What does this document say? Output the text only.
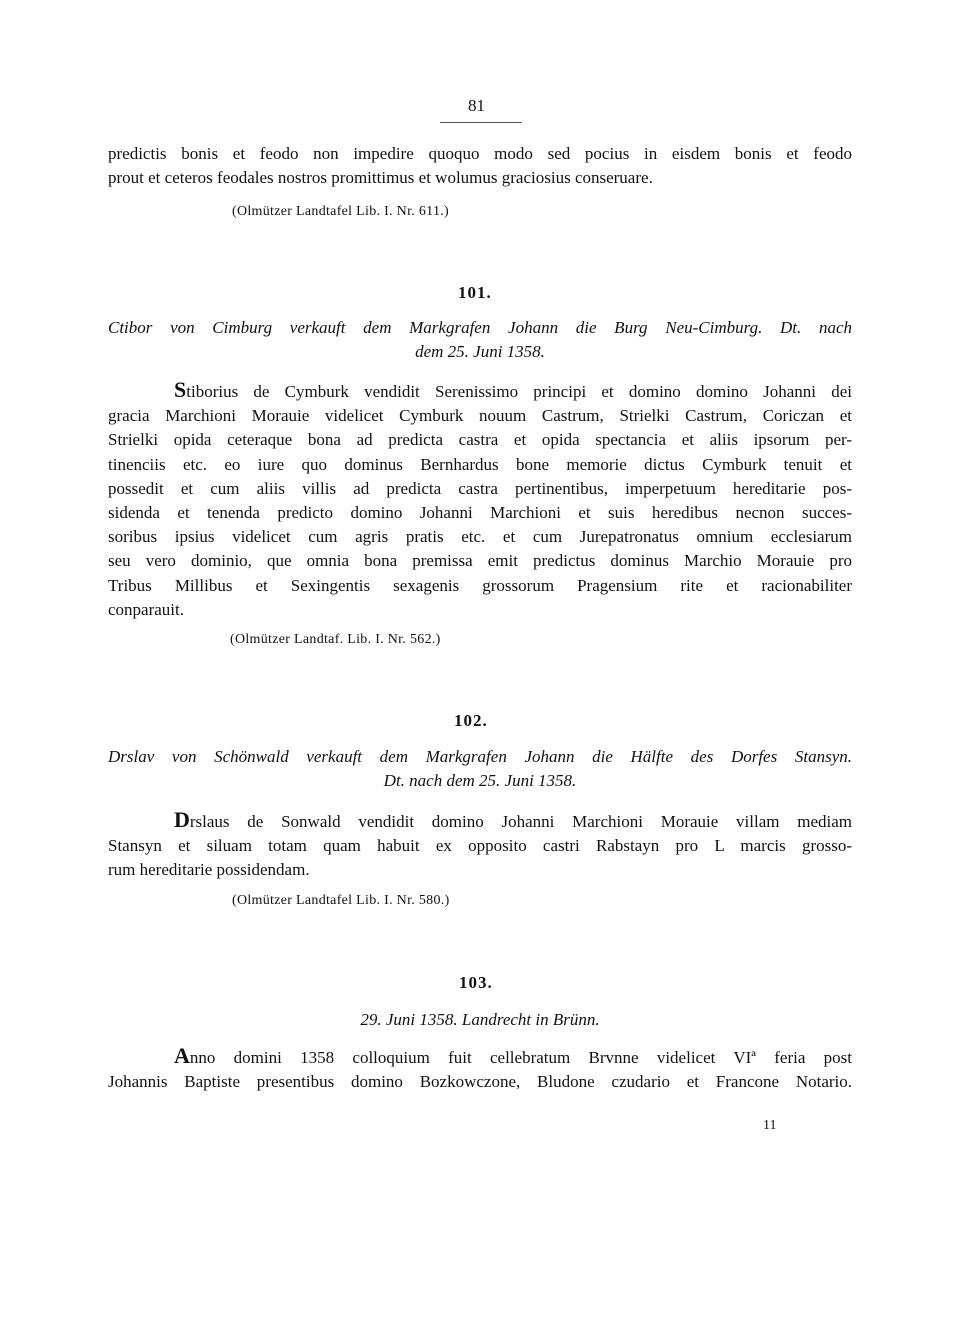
81
predictis bonis et feodo non impedire quoquo modo sed pocius in eisdem bonis et feodo
prout et ceteros feodales nostros promittimus et wolumus graciosius conseruare.
(Olmützer Landtafel Lib. I. Nr. 611.)
101.
Ctibor von Cimburg verkauft dem Markgrafen Johann die Burg Neu-Cimburg. Dt. nach
dem 25. Juni 1358.
Stiborius de Cymburk vendidit Serenissimo principi et domino domino Johanni dei
gracia Marchioni Morauie videlicet Cymburk nouum Castrum, Strielki Castrum, Coriczan et
Strielki opida ceteraque bona ad predicta castra et opida spectancia et aliis ipsorum per-
tinenciis etc. eo iure quo dominus Bernhardus bone memorie dictus Cymburk tenuit et
possedit et cum aliis villis ad predicta castra pertinentibus, imperpetuum hereditarie pos-
sidenda et tenenda predicto domino Johanni Marchioni et suis heredibus necnon succes-
soribus ipsius videlicet cum agris pratis etc. et cum Jurepatronatus omnium ecclesiarum
seu vero dominio, que omnia bona premissa emit predictus dominus Marchio Morauie pro
Tribus Millibus et Sexingentis sexagenis grossorum Pragensium rite et racionabiliter
conparauit.
(Olmützer Landtaf. Lib. I. Nr. 562.)
102.
Drslav von Schönwald verkauft dem Markgrafen Johann die Hälfte des Dorfes Stansyn.
Dt. nach dem 25. Juni 1358.
Drslaus de Sonwald vendidit domino Johanni Marchioni Morauie villam mediam
Stansyn et siluam totam quam habuit ex opposito castri Rabstayn pro L marcis grosso-
rum hereditarie possidendam.
(Olmützer Landtafel Lib. I. Nr. 580.)
103.
29. Juni 1358. Landrecht in Brünn.
Anno domini 1358 colloquium fuit cellebratum Brvnne videlicet VIª feria post
Johannis Baptiste presentibus domino Bozkowczone, Bludone czudario et Francone Notario.
11
